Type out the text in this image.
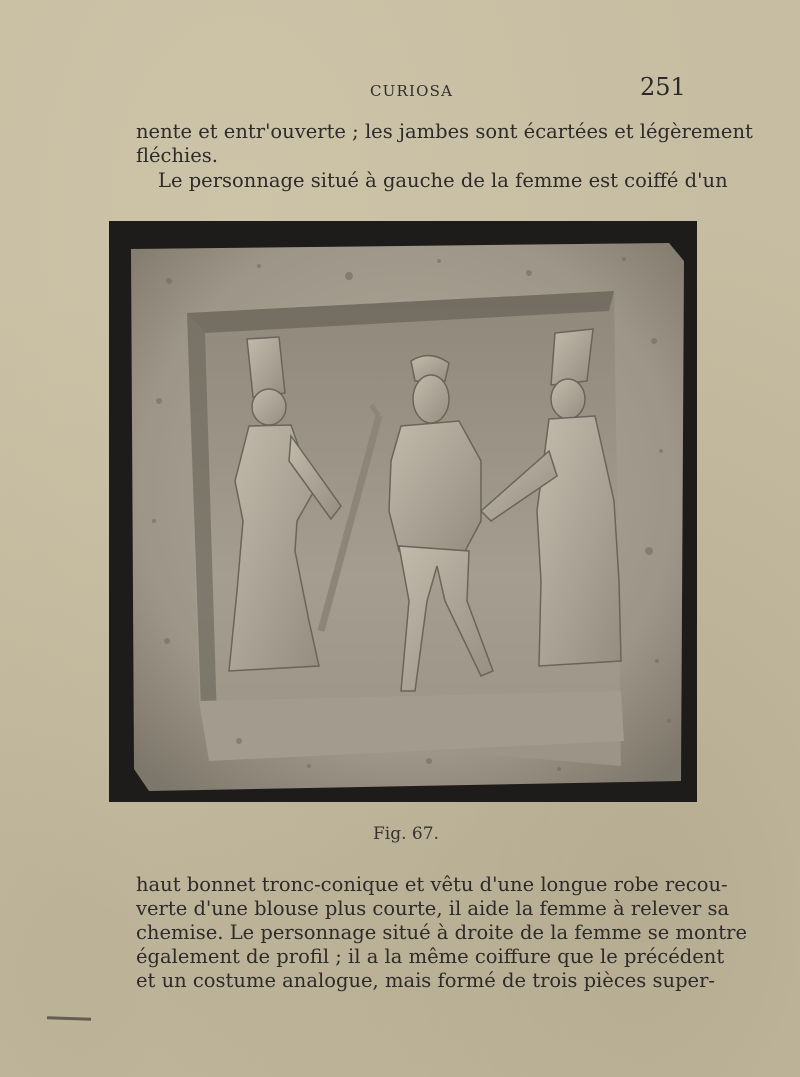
CURIOSA	251
nente et entr'ouverte ; les jambes sont écartées et légèrement
fléchies.
Le personnage situé à gauche de la femme est coiffé d'un
Fig. 67.
haut bonnet tronc-conique et vêtu d'une longue robe recou-
verte d'une blouse plus courte, il aide la femme à relever sa
chemise. Le personnage situé à droite de la femme se montre
également de profil ; il a la même coiffure que le précédent
et un costume analogue, mais formé de trois pièces super-
